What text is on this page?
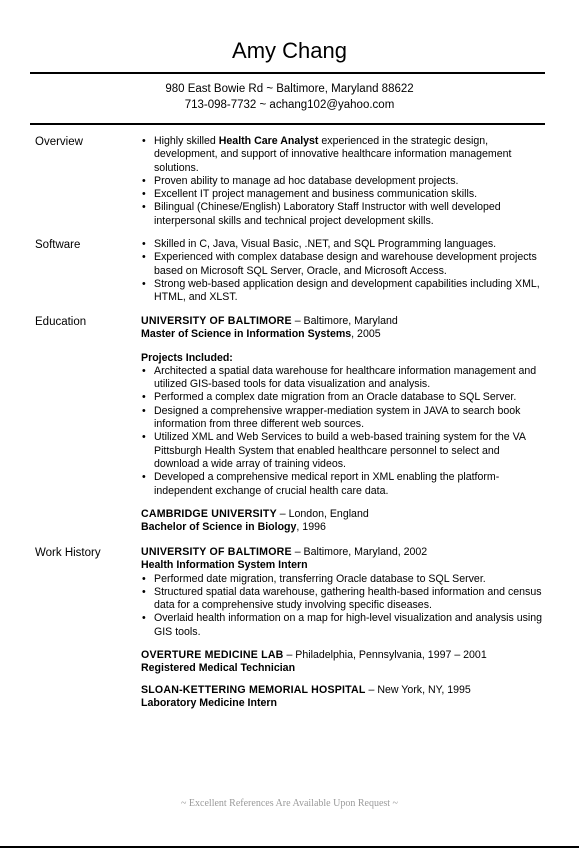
Amy Chang
980 East Bowie Rd ~ Baltimore, Maryland 88622
713-098-7732 ~ achang102@yahoo.com
Overview	• Highly skilled Health Care Analyst experienced in the strategic design, development, and support of innovative healthcare information management solutions.
• Proven ability to manage ad hoc database development projects.
• Excellent IT project management and business communication skills.
• Bilingual (Chinese/English) Laboratory Staff Instructor with well developed interpersonal skills and technical project development skills.
Software	• Skilled in C, Java, Visual Basic, .NET, and SQL Programming languages.
• Experienced with complex database design and warehouse development projects based on Microsoft SQL Server, Oracle, and Microsoft Access.
• Strong web-based application design and development capabilities including XML, HTML, and XLST.
Education	UNIVERSITY OF BALTIMORE – Baltimore, Maryland
Master of Science in Information Systems, 2005
Projects Included:
• Architected a spatial data warehouse for healthcare information management and utilized GIS-based tools for data visualization and analysis.
• Performed a complex date migration from an Oracle database to SQL Server.
• Designed a comprehensive wrapper-mediation system in JAVA to search book information from three different web sources.
• Utilized XML and Web Services to build a web-based training system for the VA Pittsburgh Health System that enabled healthcare personnel to select and download a wide array of training videos.
• Developed a comprehensive medical report in XML enabling the platform-independent exchange of crucial health care data.
CAMBRIDGE UNIVERSITY – London, England
Bachelor of Science in Biology, 1996
Work History	UNIVERSITY OF BALTIMORE – Baltimore, Maryland, 2002
Health Information System Intern
• Performed date migration, transferring Oracle database to SQL Server.
• Structured spatial data warehouse, gathering health-based information and census data for a comprehensive study involving specific diseases.
• Overlaid health information on a map for high-level visualization and analysis using GIS tools.
OVERTURE MEDICINE LAB – Philadelphia, Pennsylvania, 1997 – 2001
Registered Medical Technician
SLOAN-KETTERING MEMORIAL HOSPITAL – New York, NY, 1995
Laboratory Medicine Intern
~ Excellent References Are Available Upon Request ~
